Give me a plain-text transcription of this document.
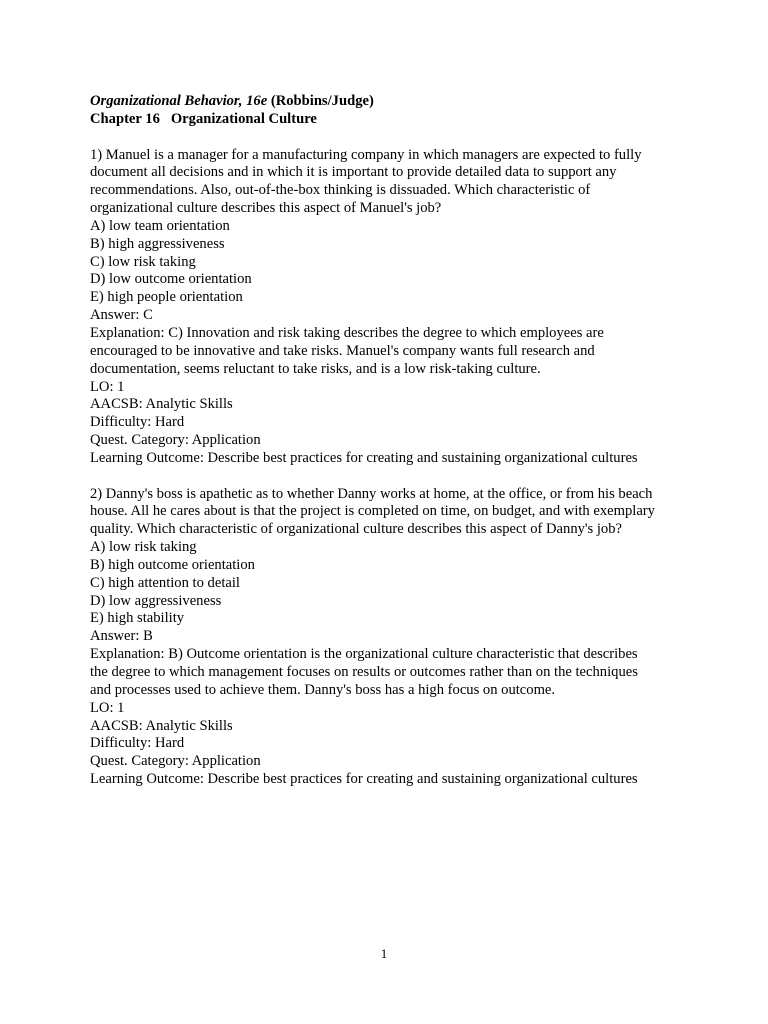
Organizational Behavior, 16e (Robbins/Judge)
Chapter 16 Organizational Culture
1) Manuel is a manager for a manufacturing company in which managers are expected to fully
document all decisions and in which it is important to provide detailed data to support any
recommendations. Also, out-of-the-box thinking is dissuaded. Which characteristic of
organizational culture describes this aspect of Manuel's job?
A) low team orientation
B) high aggressiveness
C) low risk taking
D) low outcome orientation
E) high people orientation
Answer: C
Explanation: C) Innovation and risk taking describes the degree to which employees are
encouraged to be innovative and take risks. Manuel's company wants full research and
documentation, seems reluctant to take risks, and is a low risk-taking culture.
LO: 1
AACSB: Analytic Skills
Difficulty: Hard
Quest. Category: Application
Learning Outcome: Describe best practices for creating and sustaining organizational cultures
2) Danny's boss is apathetic as to whether Danny works at home, at the office, or from his beach
house. All he cares about is that the project is completed on time, on budget, and with exemplary
quality. Which characteristic of organizational culture describes this aspect of Danny's job?
A) low risk taking
B) high outcome orientation
C) high attention to detail
D) low aggressiveness
E) high stability
Answer: B
Explanation: B) Outcome orientation is the organizational culture characteristic that describes
the degree to which management focuses on results or outcomes rather than on the techniques
and processes used to achieve them. Danny's boss has a high focus on outcome.
LO: 1
AACSB: Analytic Skills
Difficulty: Hard
Quest. Category: Application
Learning Outcome: Describe best practices for creating and sustaining organizational cultures
1
